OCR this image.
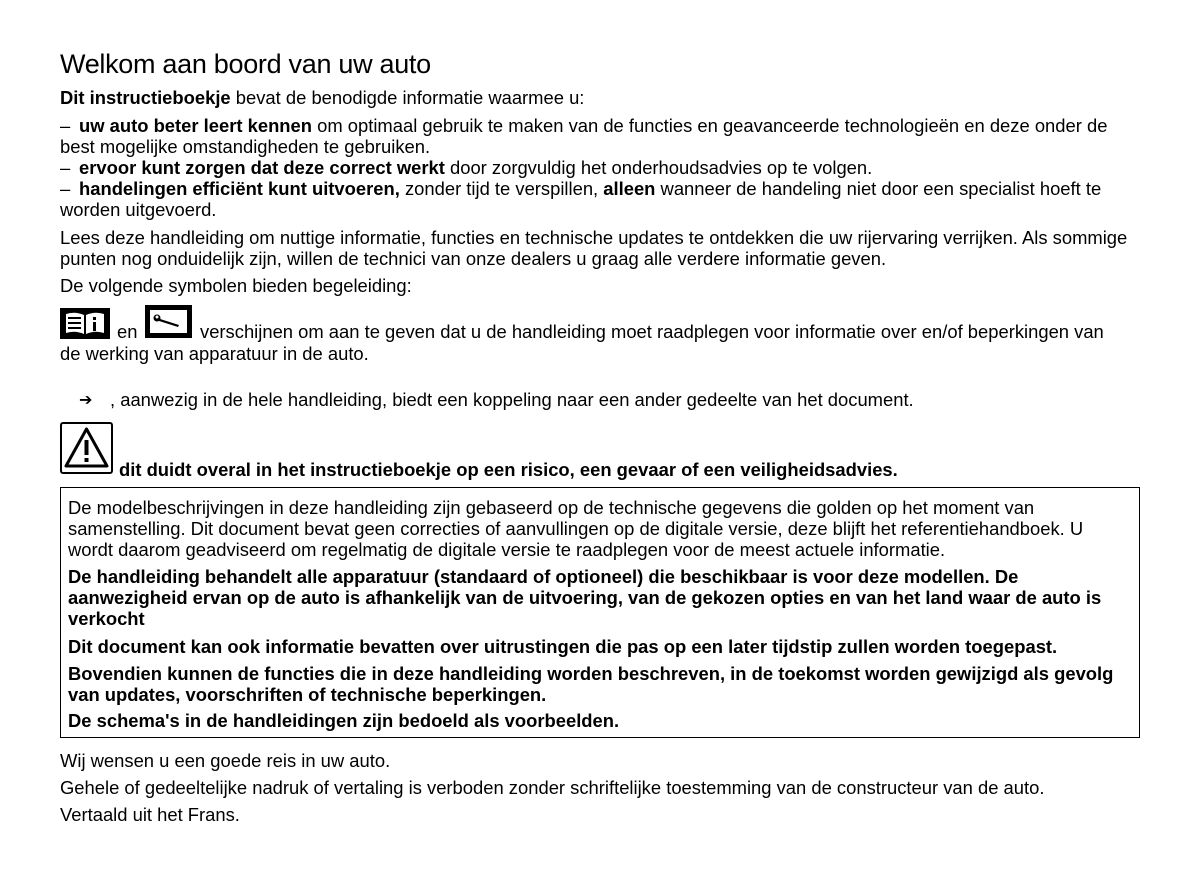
Welkom aan boord van uw auto
Dit instructieboekje bevat de benodigde informatie waarmee u:
– uw auto beter leert kennen om optimaal gebruik te maken van de functies en geavanceerde technologieën en deze onder de best mogelijke omstandigheden te gebruiken.
– ervoor kunt zorgen dat deze correct werkt door zorgvuldig het onderhoudsadvies op te volgen.
– handelingen efficiënt kunt uitvoeren, zonder tijd te verspillen, alleen wanneer de handeling niet door een specialist hoeft te worden uitgevoerd.
Lees deze handleiding om nuttige informatie, functies en technische updates te ontdekken die uw rijervaring verrijken. Als sommige punten nog onduidelijk zijn, willen de technici van onze dealers u graag alle verdere informatie geven.
De volgende symbolen bieden begeleiding:
en	verschijnen om aan te geven dat u de handleiding moet raadplegen voor informatie over en/of beperkingen van
de werking van apparatuur in de auto.
➔ , aanwezig in de hele handleiding, biedt een koppeling naar een ander gedeelte van het document.
dit duidt overal in het instructieboekje op een risico, een gevaar of een veiligheidsadvies.
De modelbeschrijvingen in deze handleiding zijn gebaseerd op de technische gegevens die golden op het moment van samenstelling. Dit document bevat geen correcties of aanvullingen op de digitale versie, deze blijft het referentiehandboek. U wordt daarom geadviseerd om regelmatig de digitale versie te raadplegen voor de meest actuele informatie.
De handleiding behandelt alle apparatuur (standaard of optioneel) die beschikbaar is voor deze modellen. De aanwezigheid ervan op de auto is afhankelijk van de uitvoering, van de gekozen opties en van het land waar de auto is verkocht
Dit document kan ook informatie bevatten over uitrustingen die pas op een later tijdstip zullen worden toegepast.
Bovendien kunnen de functies die in deze handleiding worden beschreven, in de toekomst worden gewijzigd als gevolg van updates, voorschriften of technische beperkingen.
De schema's in de handleidingen zijn bedoeld als voorbeelden.
Wij wensen u een goede reis in uw auto.
Gehele of gedeeltelijke nadruk of vertaling is verboden zonder schriftelijke toestemming van de constructeur van de auto.
Vertaald uit het Frans.
